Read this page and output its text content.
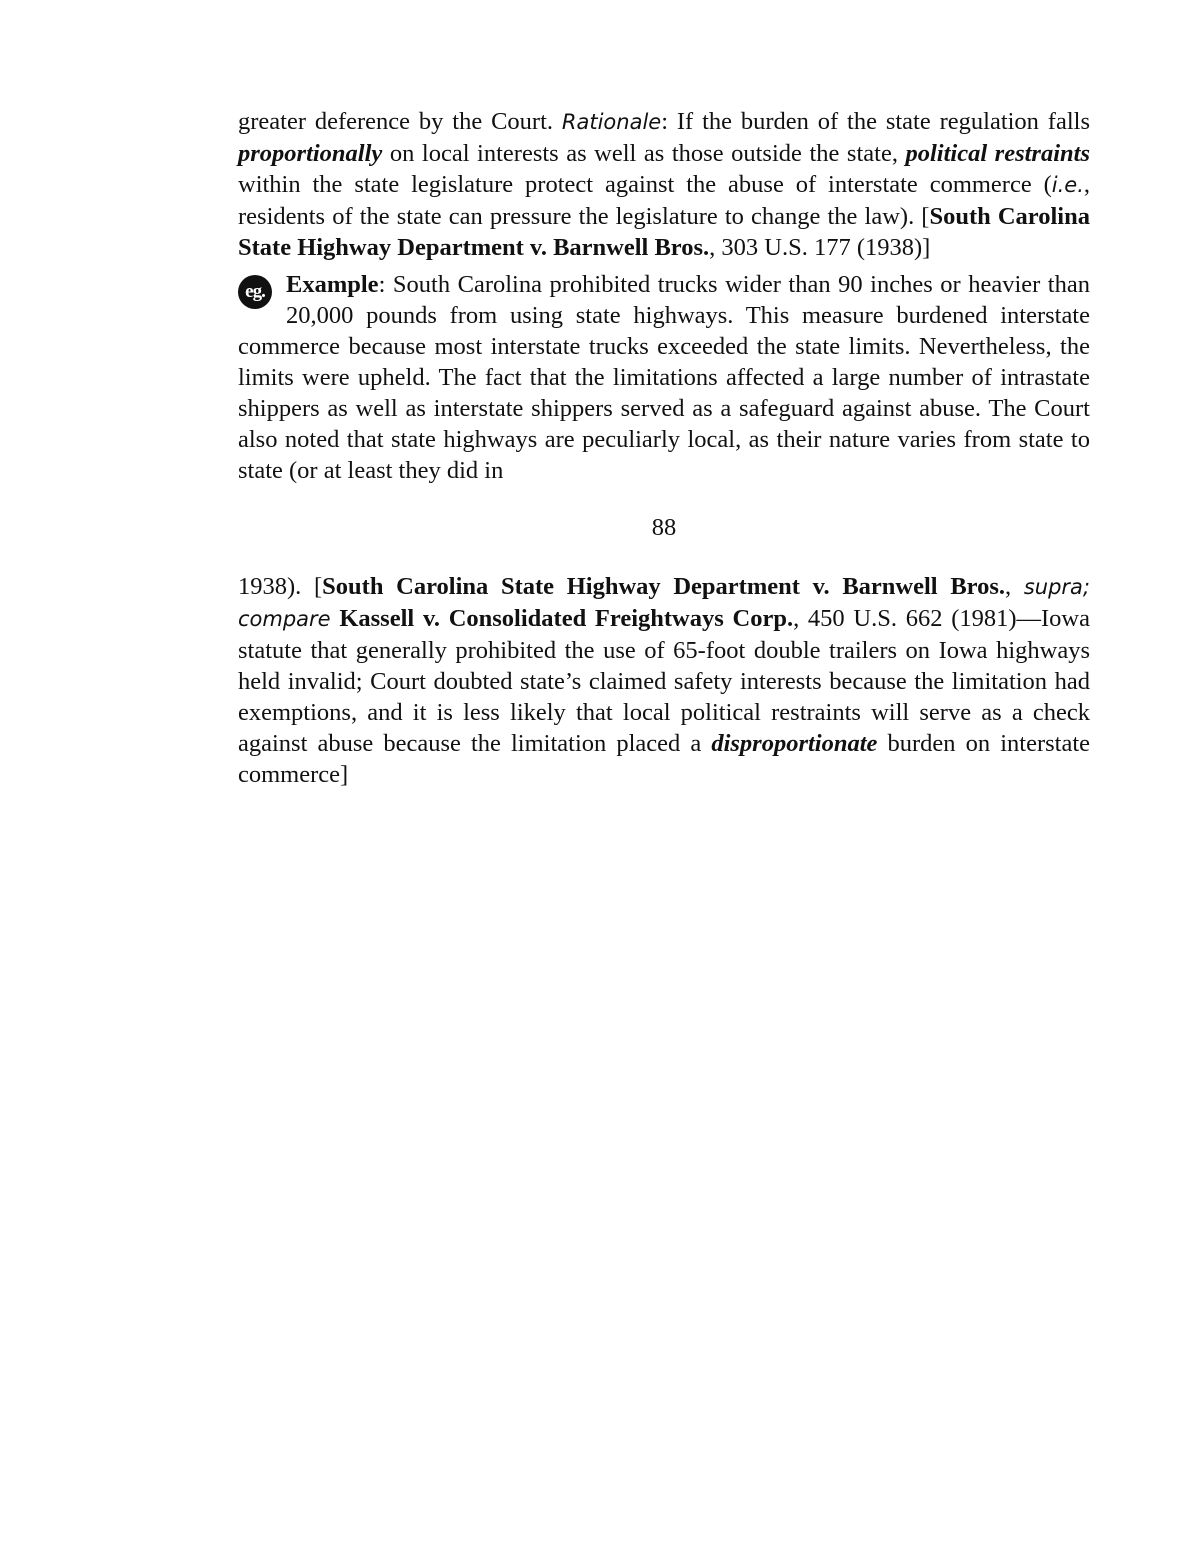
greater deference by the Court. Rationale: If the burden of the state regulation falls proportionally on local interests as well as those outside the state, political restraints within the state legislature protect against the abuse of interstate commerce (i.e., residents of the state can pressure the legislature to change the law). [South Carolina State Highway Department v. Barnwell Bros., 303 U.S. 177 (1938)]

eg. Example: South Carolina prohibited trucks wider than 90 inches or heavier than 20,000 pounds from using state highways. This measure burdened interstate commerce because most interstate trucks exceeded the state limits. Nevertheless, the limits were upheld. The fact that the limitations affected a large number of intrastate shippers as well as interstate shippers served as a safeguard against abuse. The Court also noted that state highways are peculiarly local, as their nature varies from state to state (or at least they did in

88

1938). [South Carolina State Highway Department v. Barnwell Bros., supra; compare Kassell v. Consolidated Freightways Corp., 450 U.S. 662 (1981)—Iowa statute that generally prohibited the use of 65-foot double trailers on Iowa highways held invalid; Court doubted state’s claimed safety interests because the limitation had exemptions, and it is less likely that local political restraints will serve as a check against abuse because the limitation placed a disproportionate burden on interstate commerce]
